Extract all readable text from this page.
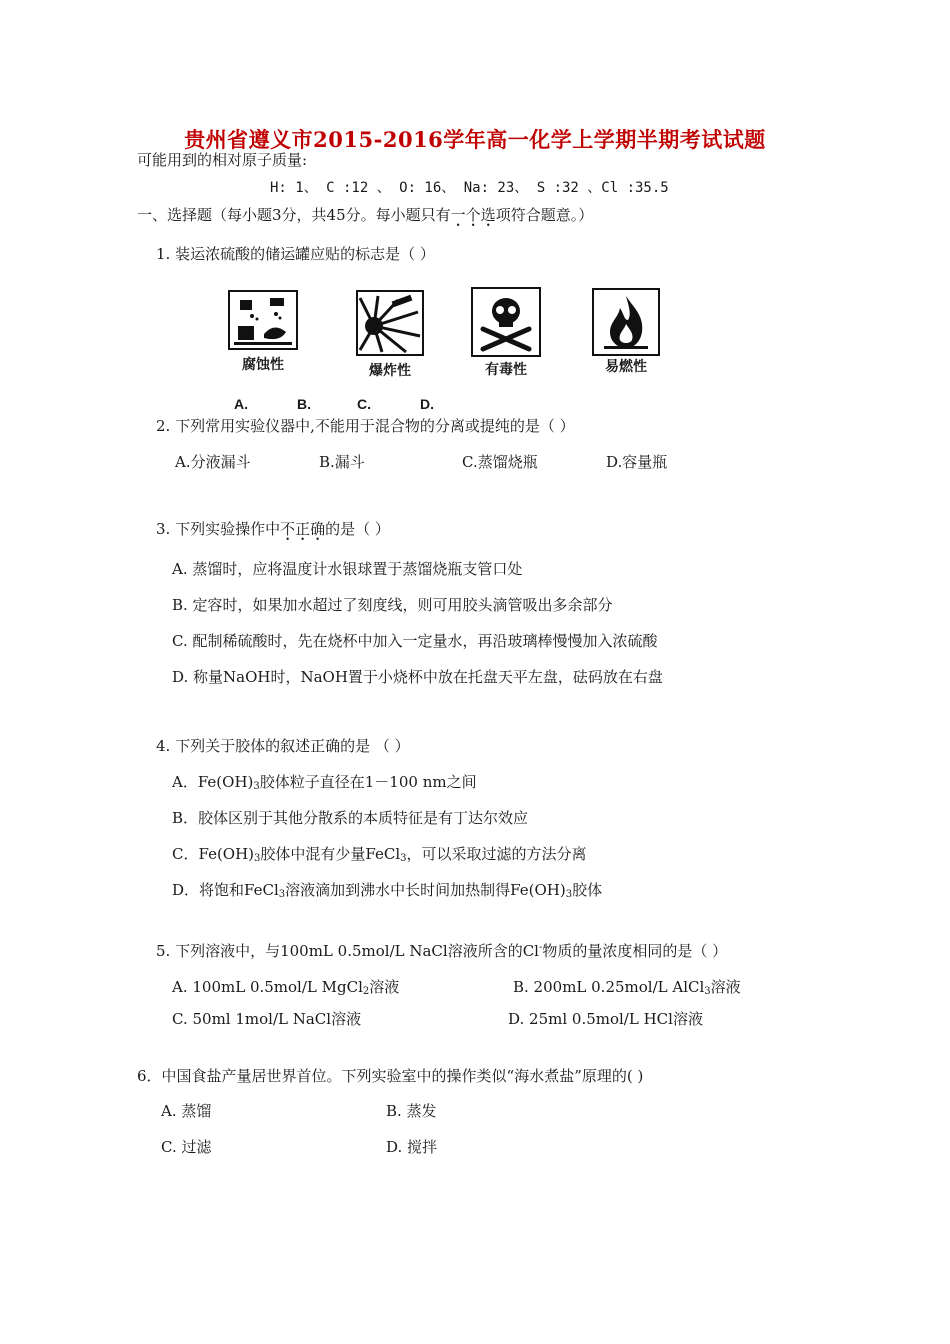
贵州省遵义市2015-2016学年高一化学上学期半期考试试题
可能用到的相对原子质量:
H: 1、 C :12 、 O: 16、 Na: 23、 S :32 、Cl :35.5
一、选择题（每小题3分，共45分。每小题只有一个选项符合题意。）
1. 装运浓硫酸的储运罐应贴的标志是（ ）
腐蚀性	爆炸性	有毒性	易燃性
A.	B.	C.	D.
2. 下列常用实验仪器中,不能用于混合物的分离或提纯的是（ ）
A.分液漏斗	B.漏斗	C.蒸馏烧瓶	D.容量瓶
3. 下列实验操作中不正确的是（ ）
A. 蒸馏时，应将温度计水银球置于蒸馏烧瓶支管口处
B. 定容时，如果加水超过了刻度线，则可用胶头滴管吸出多余部分
C. 配制稀硫酸时，先在烧杯中加入一定量水，再沿玻璃棒慢慢加入浓硫酸
D. 称量NaOH时，NaOH置于小烧杯中放在托盘天平左盘，砝码放在右盘
4. 下列关于胶体的叙述正确的是 （ ）
A．$Fe(OH)_3$胶体粒子直径在1－100 nm之间
B．胶体区别于其他分散系的本质特征是有丁达尔效应
C．$Fe(OH)_3$胶体中混有少量FeCl$_3$，可以采取过滤的方法分离
D．将饱和FeCl$_3$溶液滴加到沸水中长时间加热制得$Fe(OH)_3$胶体
5. 下列溶液中，与100mL 0.5mol/L NaCl溶液所含的Cl-物质的量浓度相同的是（ ）
A. 100mL 0.5mol/L MgCl$_2$溶液	B. 200mL 0.25mol/L AlCl$_3$溶液
C. 50ml 1mol/L NaCl溶液	D. 25ml 0.5mol/L HCl溶液
6．中国食盐产量居世界首位。下列实验室中的操作类似“海水煮盐”原理的( )
A. 蒸馏	B. 蒸发
C. 过滤	D. 搅拌
